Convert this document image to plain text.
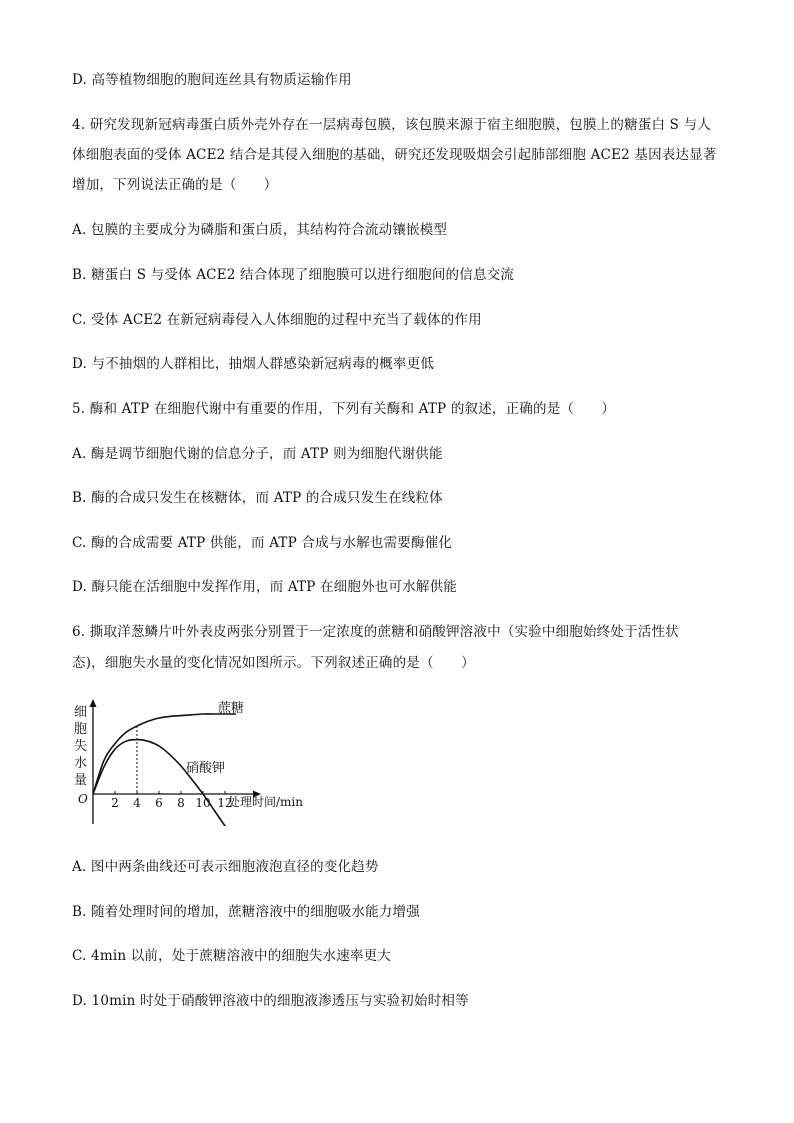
D. 高等植物细胞的胞间连丝具有物质运输作用
4. 研究发现新冠病毒蛋白质外壳外存在一层病毒包膜，该包膜来源于宿主细胞膜，包膜上的糖蛋白 S 与人
体细胞表面的受体 ACE2 结合是其侵入细胞的基础，研究还发现吸烟会引起肺部细胞 ACE2 基因表达显著
增加，下列说法正确的是（　　）
A. 包膜的主要成分为磷脂和蛋白质，其结构符合流动镶嵌模型
B. 糖蛋白 S 与受体 ACE2 结合体现了细胞膜可以进行细胞间的信息交流
C. 受体 ACE2 在新冠病毒侵入人体细胞的过程中充当了载体的作用
D. 与不抽烟的人群相比，抽烟人群感染新冠病毒的概率更低
5. 酶和 ATP 在细胞代谢中有重要的作用，下列有关酶和 ATP 的叙述，正确的是（　　）
A. 酶是调节细胞代谢的信息分子，而 ATP 则为细胞代谢供能
B. 酶的合成只发生在核糖体，而 ATP 的合成只发生在线粒体
C. 酶的合成需要 ATP 供能，而 ATP 合成与水解也需要酶催化
D. 酶只能在活细胞中发挥作用，而 ATP 在细胞外也可水解供能
6. 撕取洋葱鳞片叶外表皮两张分别置于一定浓度的蔗糖和硝酸钾溶液中（实验中细胞始终处于活性状
态)，细胞失水量的变化情况如图所示。下列叙述正确的是（　　）
细
胞
失
水
量
O	处理时间/min
2 4 6 8 10 12
蔗糖
硝酸钾
A. 图中两条曲线还可表示细胞液泡直径的变化趋势
B. 随着处理时间的增加，蔗糖溶液中的细胞吸水能力增强
C. 4min 以前，处于蔗糖溶液中的细胞失水速率更大
D. 10min 时处于硝酸钾溶液中的细胞液渗透压与实验初始时相等
